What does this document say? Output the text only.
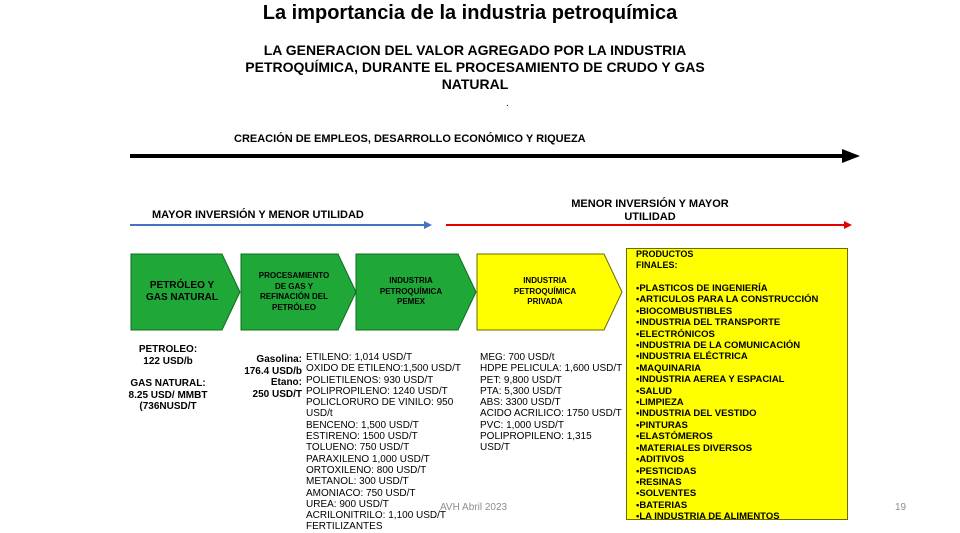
La importancia de la industria petroquímica
LA GENERACION DEL VALOR AGREGADO POR LA INDUSTRIA
PETROQUÍMICA, DURANTE EL PROCESAMIENTO DE CRUDO Y GAS
NATURAL
.
CREACIÓN DE EMPLEOS, DESARROLLO ECONÓMICO Y RIQUEZA
MAYOR INVERSIÓN Y MENOR UTILIDAD
MENOR INVERSIÓN Y MAYOR
UTILIDAD
PETRÓLEO Y
GAS NATURAL
PROCESAMIENTO
DE GAS Y
REFINACIÓN DEL
PETRÓLEO
INDUSTRIA
PETROQUÍMICA
PEMEX
INDUSTRIA
PETROQUÍMICA
PRIVADA
PETROLEO:
122 USD/b
GAS NATURAL:
8.25 USD/ MMBT
(736NUSD/T
Gasolina:
176.4 USD/b
Etano:
250 USD/T
ETILENO: 1,014 USD/T
OXIDO DE ETILENO:1,500 USD/T
POLIETILENOS: 930 USD/T
POLIPROPILENO: 1240 USD/T
POLICLORURO DE VINILO: 950 USD/t
BENCENO: 1,500 USD/T
ESTIRENO: 1500 USD/T
TOLUENO: 750 USD/T
PARAXILENO 1,000 USD/T
ORTOXILENO: 800 USD/T
METANOL: 300 USD/T
AMONIACO: 750 USD/T
UREA: 900 USD/T
ACRILONITRILO: 1,100 USD/T
FERTILIZANTES
MEG: 700 USD/t
HDPE PELICULA: 1,600 USD/T
PET: 9,800 USD/T
PTA: 5,300 USD/T
ABS: 3300 USD/T
ACIDO ACRILICO: 1750 USD/T
PVC: 1,000 USD/T
POLIPROPILENO: 1,315
USD/T
PRODUCTOS
FINALES:
•PLASTICOS DE INGENIERÍA
•ARTICULOS PARA LA CONSTRUCCIÓN
•BIOCOMBUSTIBLES
•INDUSTRIA DEL TRANSPORTE
•ELECTRÓNICOS
•INDUSTRIA DE LA COMUNICACIÓN
•INDUSTRIA ELÉCTRICA
•MAQUINARIA
•INDUSTRIA AEREA Y ESPACIAL
•SALUD
•LIMPIEZA
•INDUSTRIA DEL VESTIDO
•PINTURAS
•ELASTÓMEROS
•MATERIALES DIVERSOS
•ADITIVOS
•PESTICIDAS
•RESINAS
•SOLVENTES
•BATERIAS
•LA INDUSTRIA DE ALIMENTOS
AVH Abril 2023	19
